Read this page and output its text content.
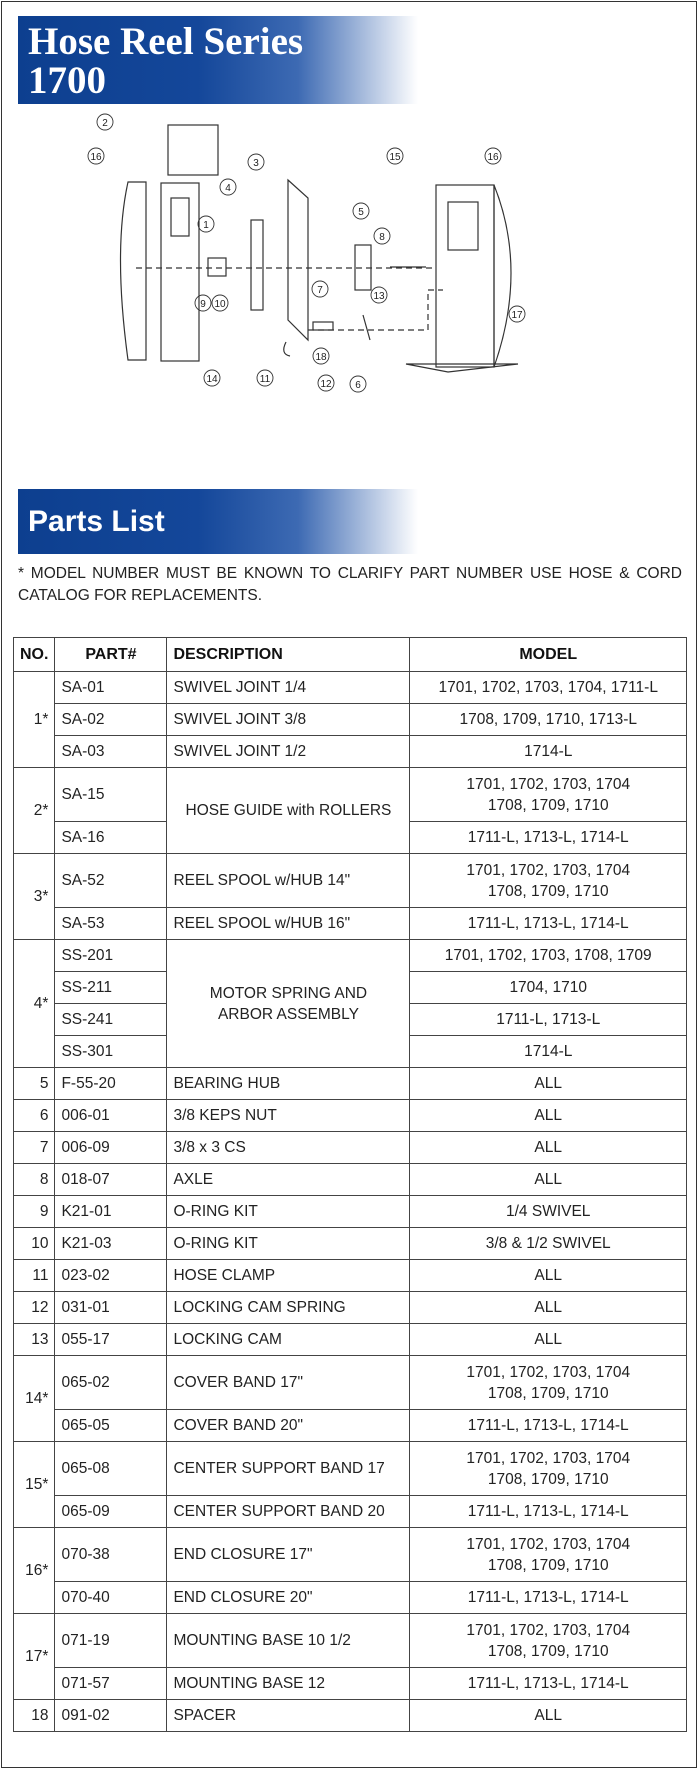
Hose Reel Series
1700
2
16
3
4
1
5
8
15	16
7
13
17
9 10
14	11
18
12 6
Parts List
* MODEL NUMBER MUST BE KNOWN TO CLARIFY PART NUMBER USE HOSE & CORD CATALOG FOR REPLACEMENTS.
NO.	PART#	DESCRIPTION	MODEL
1*	SA-01	SWIVEL JOINT 1/4	1701, 1702, 1703, 1704, 1711-L

	SA-02	SWIVEL JOINT 3/8	1708, 1709, 1710, 1713-L

	SA-03	SWIVEL JOINT 1/2	1714-L

2*	SA-15	HOSE GUIDE with ROLLERS	1701, 1702, 1703, 1704
1708, 1709, 1710

	SA-16		1711-L, 1713-L, 1714-L

3*	SA-52	REEL SPOOL w/HUB 14"	1701, 1702, 1703, 1704
1708, 1709, 1710

	SA-53	REEL SPOOL w/HUB 16"	1711-L, 1713-L, 1714-L

4*	SS-201	MOTOR SPRING AND ARBOR ASSEMBLY	1701, 1702, 1703, 1708, 1709

	SS-211		1704, 1710

	SS-241		1711-L, 1713-L

	SS-301		1714-L

5	F-55-20	BEARING HUB	ALL

6	006-01	3/8 KEPS NUT	ALL

7	006-09	3/8 x 3 CS	ALL

8	018-07	AXLE	ALL

9	K21-01	O-RING KIT	1/4 SWIVEL

10	K21-03	O-RING KIT	3/8 & 1/2 SWIVEL

11	023-02	HOSE CLAMP	ALL

12	031-01	LOCKING CAM SPRING	ALL

13	055-17	LOCKING CAM	ALL

14*	065-02	COVER BAND 17"	1701, 1702, 1703, 1704
1708, 1709, 1710

	065-05	COVER BAND 20"	1711-L, 1713-L, 1714-L

15*	065-08	CENTER SUPPORT BAND 17	1701, 1702, 1703, 1704
1708, 1709, 1710

	065-09	CENTER SUPPORT BAND 20	1711-L, 1713-L, 1714-L

16*	070-38	END CLOSURE 17"	1701, 1702, 1703, 1704
1708, 1709, 1710

	070-40	END CLOSURE 20"	1711-L, 1713-L, 1714-L

17*	071-19	MOUNTING BASE 10 1/2	1701, 1702, 1703, 1704
1708, 1709, 1710

	071-57	MOUNTING BASE 12	1711-L, 1713-L, 1714-L

18	091-02	SPACER	ALL
